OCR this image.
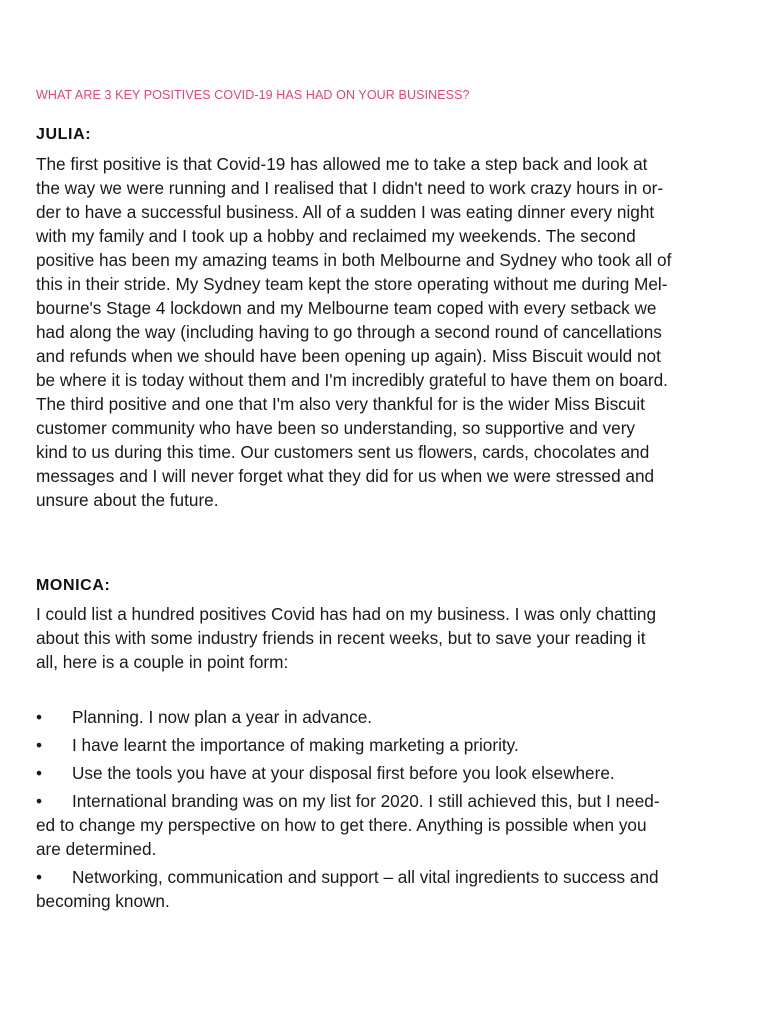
WHAT ARE 3 KEY POSITIVES COVID-19 HAS HAD ON YOUR BUSINESS?
JULIA:
The first positive is that Covid-19 has allowed me to take a step back and look at
the way we were running and I realised that I didn't need to work crazy hours in or-
der to have a successful business. All of a sudden I was eating dinner every night
with my family and I took up a hobby and reclaimed my weekends. The second
positive has been my amazing teams in both Melbourne and Sydney who took all of
this in their stride. My Sydney team kept the store operating without me during Mel-
bourne's Stage 4 lockdown and my Melbourne team coped with every setback we
had along the way (including having to go through a second round of cancellations
and refunds when we should have been opening up again). Miss Biscuit would not
be where it is today without them and I'm incredibly grateful to have them on board.
The third positive and one that I'm also very thankful for is the wider Miss Biscuit
customer community who have been so understanding, so supportive and very
kind to us during this time. Our customers sent us flowers, cards, chocolates and
messages and I will never forget what they did for us when we were stressed and
unsure about the future.
MONICA:
I could list a hundred positives Covid has had on my business. I was only chatting
about this with some industry friends in recent weeks, but to save your reading it
all, here is a couple in point form:
• Planning. I now plan a year in advance.
• I have learnt the importance of making marketing a priority.
• Use the tools you have at your disposal first before you look elsewhere.
• International branding was on my list for 2020. I still achieved this, but I need-
ed to change my perspective on how to get there. Anything is possible when you
are determined.
• Networking, communication and support – all vital ingredients to success and
becoming known.
